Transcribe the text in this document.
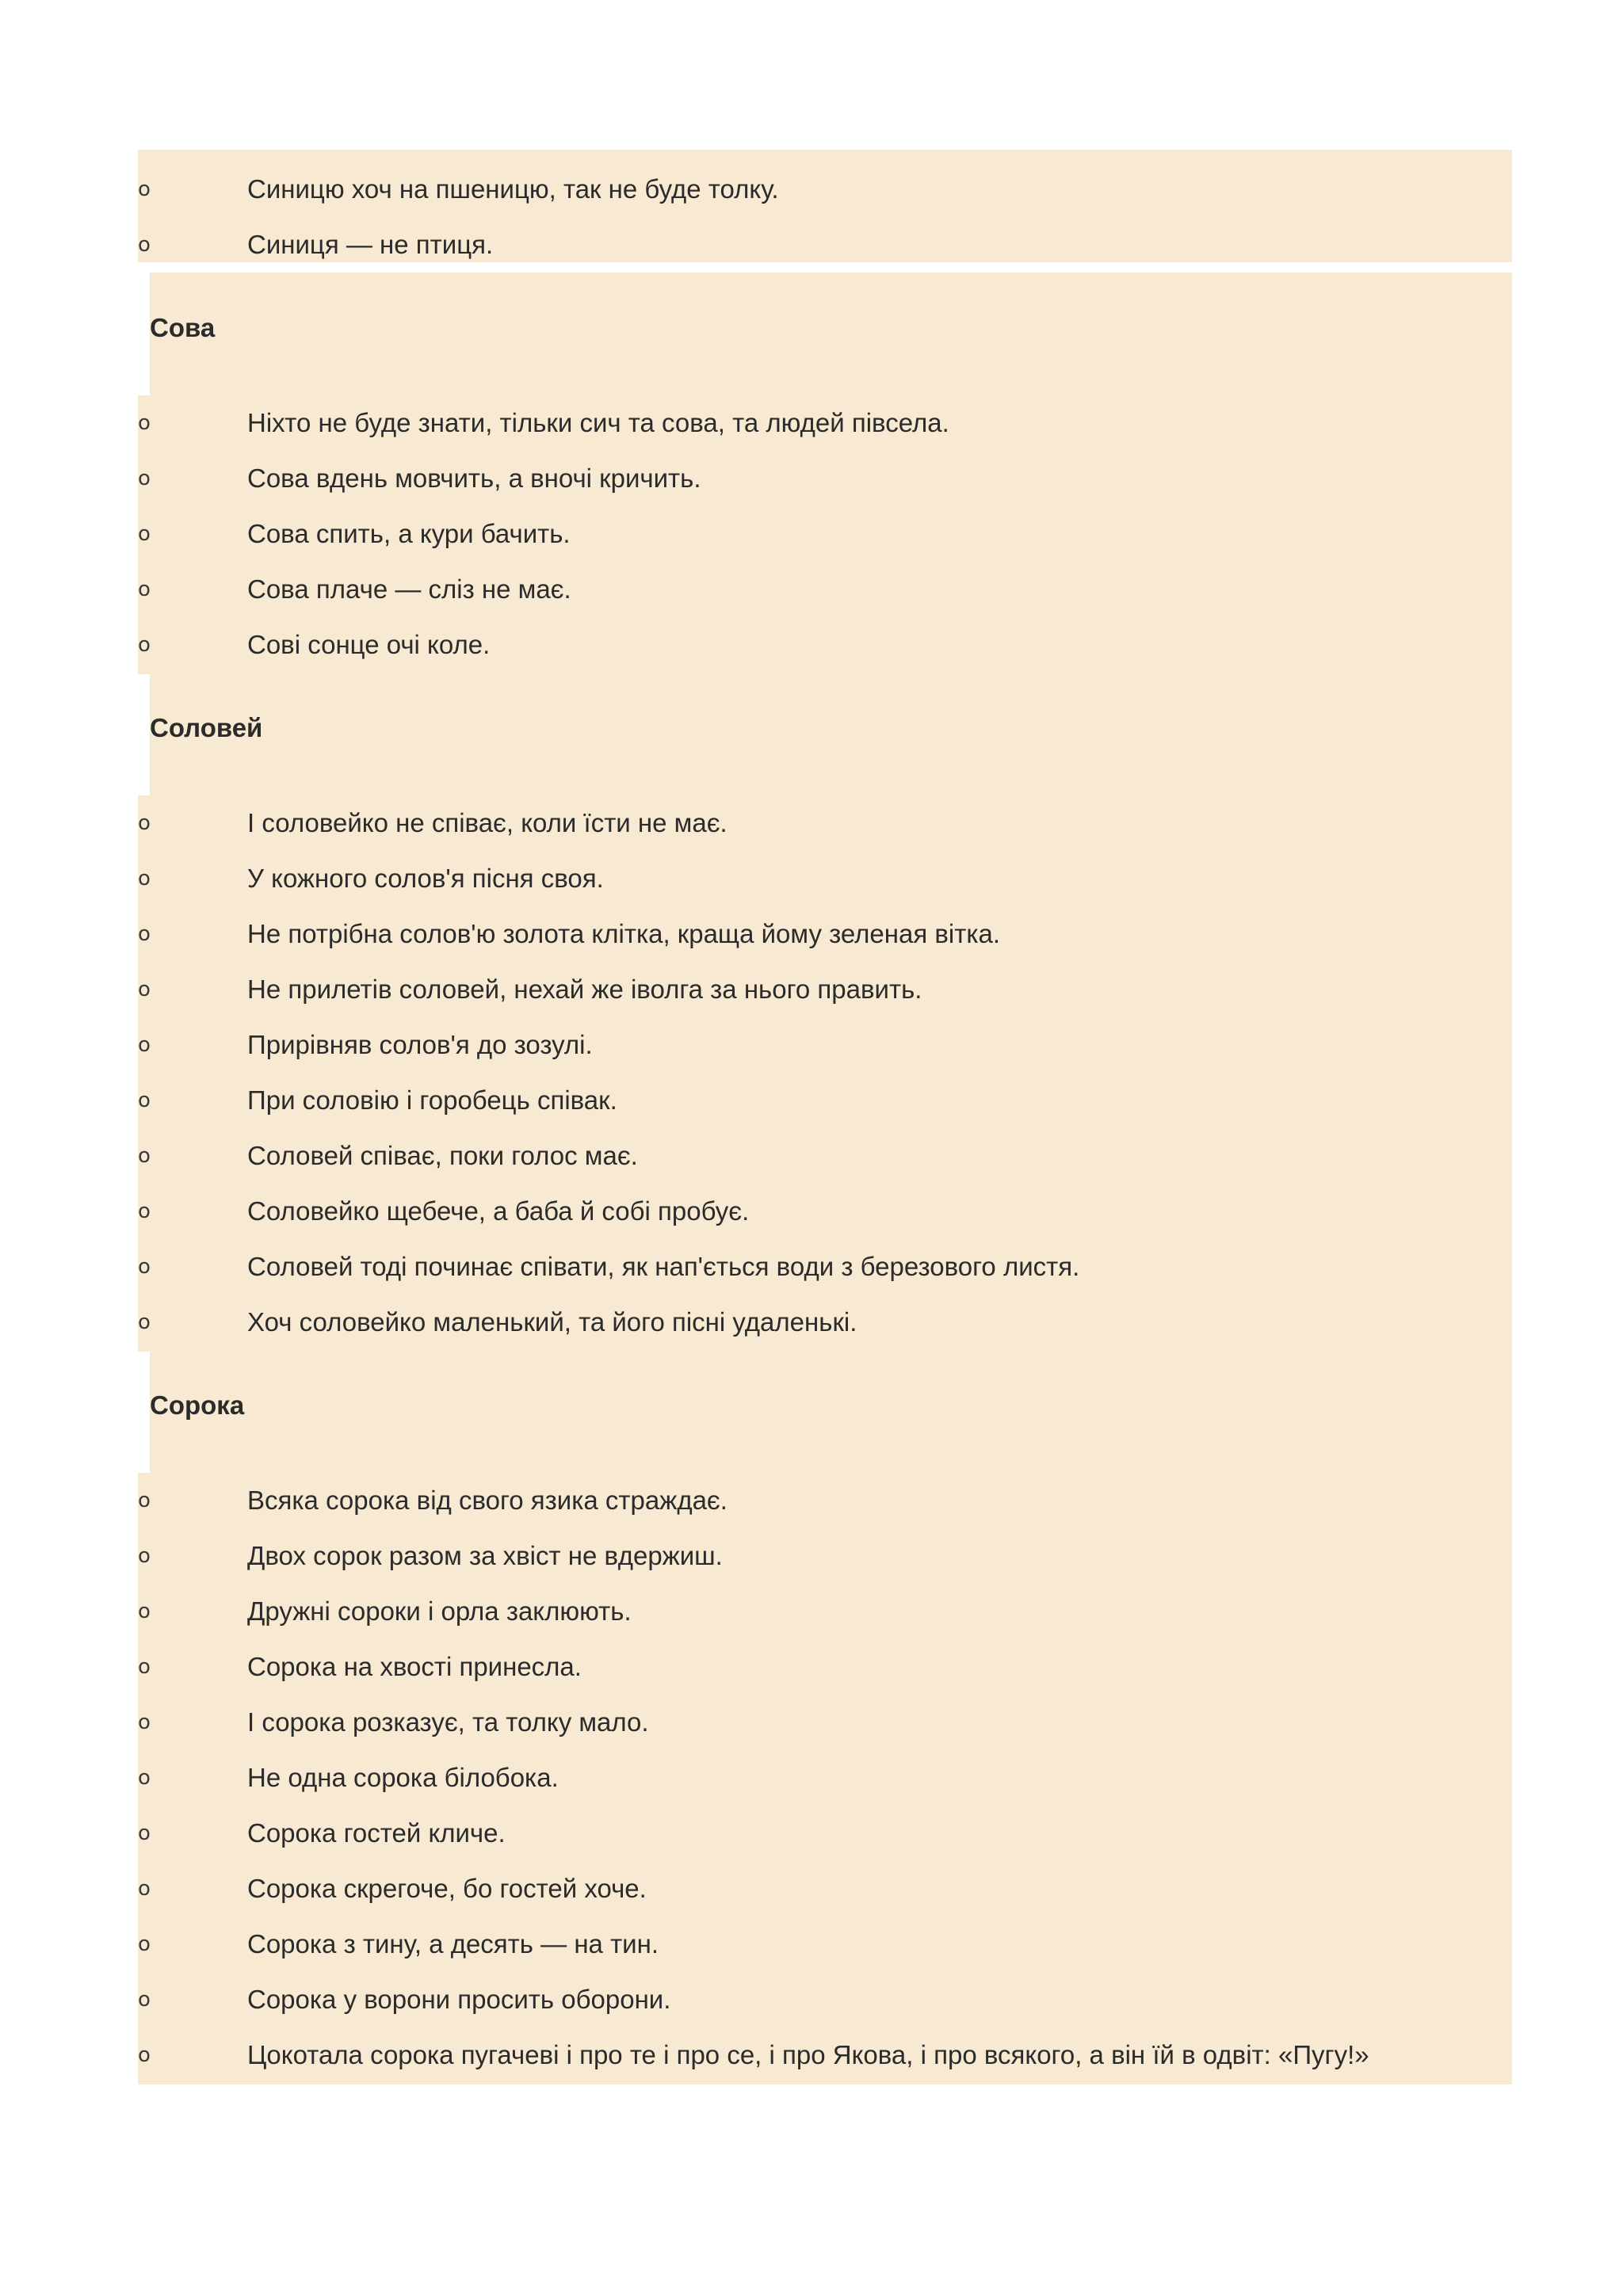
o	Синицю хоч на пшеницю, так не буде толку.
o	Синиця — не птиця.
Сова
o	Ніхто не буде знати, тільки сич та сова, та людей півсела.
o	Сова вдень мовчить, а вночі кричить.
o	Сова спить, а кури бачить.
o	Сова плаче — сліз не має.
o	Сові сонце очі коле.
Соловей
o	І соловейко не співає, коли їсти не має.
o	У кожного солов'я пісня своя.
o	Не потрібна солов'ю золота клітка, краща йому зеленая вітка.
o	Не прилетів соловей, нехай же іволга за нього править.
o	Прирівняв солов'я до зозулі.
o	При соловію і горобець співак.
o	Соловей співає, поки голос має.
o	Соловейко щебече, а баба й собі пробує.
o	Соловей тоді починає співати, як нап'ється води з березового листя.
o	Хоч соловейко маленький, та його пісні удаленькі.
Сорока
o	Всяка сорока від свого язика страждає.
o	Двох сорок разом за хвіст не вдержиш.
o	Дружні сороки і орла заклюють.
o	Сорока на хвості принесла.
o	І сорока розказує, та толку мало.
o	Не одна сорока білобока.
o	Сорока гостей кличе.
o	Сорока скрегоче, бо гостей хоче.
o	Сорока з тину, а десять — на тин.
o	Сорока у ворони просить оборони.
o	Цокотала сорока пугачеві і про те і про се, і про Якова, і про всякого, а він їй в одвіт: «Пугу!»
